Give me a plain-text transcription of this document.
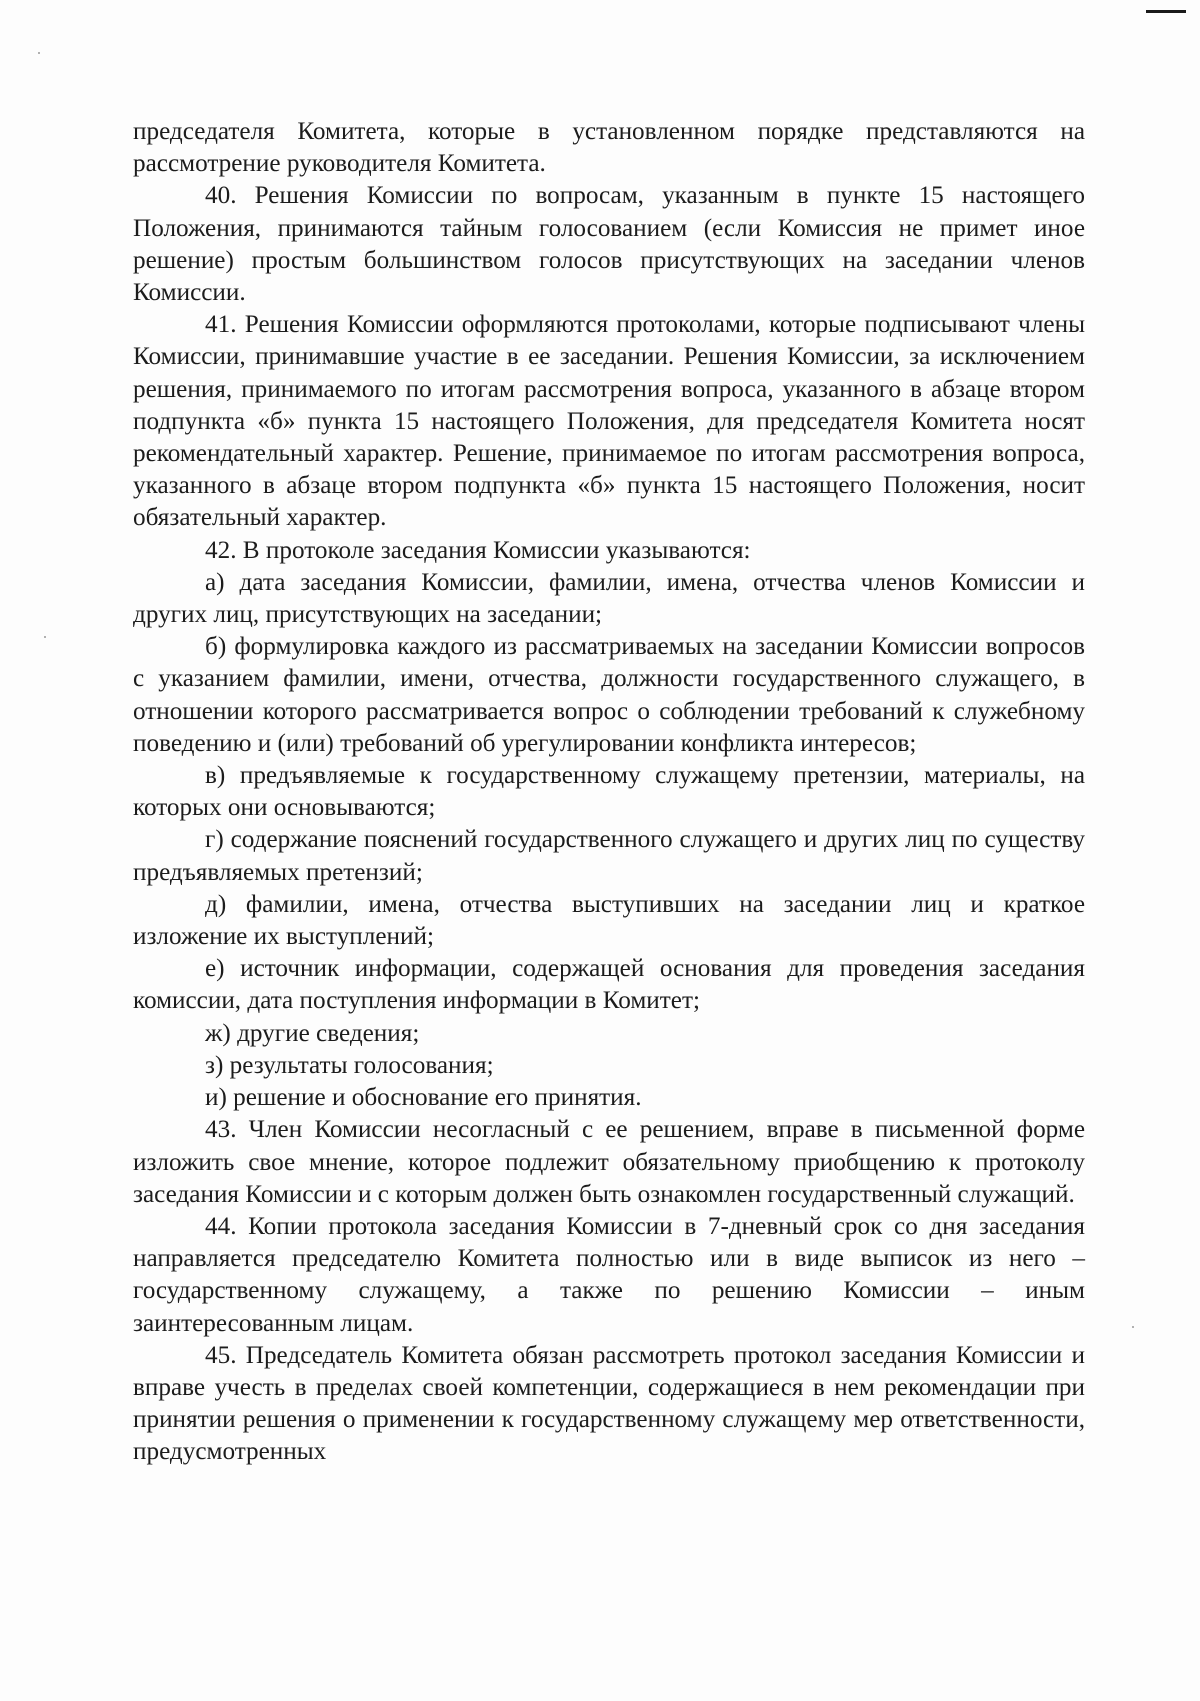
председателя Комитета, которые в установленном порядке представляются на рассмотрение руководителя Комитета.

40. Решения Комиссии по вопросам, указанным в пункте 15 настоящего Положения, принимаются тайным голосованием (если Комиссия не примет иное решение) простым большинством голосов присутствующих на заседании членов Комиссии.

41. Решения Комиссии оформляются протоколами, которые подписывают члены Комиссии, принимавшие участие в ее заседании. Решения Комиссии, за исключением решения, принимаемого по итогам рассмотрения вопроса, указанного в абзаце втором подпункта «б» пункта 15 настоящего Положения, для председателя Комитета носят рекомендательный характер. Решение, принимаемое по итогам рассмотрения вопроса, указанного в абзаце втором подпункта «б» пункта 15 настоящего Положения, носит обязательный характер.

42. В протоколе заседания Комиссии указываются:

а) дата заседания Комиссии, фамилии, имена, отчества членов Комиссии и других лиц, присутствующих на заседании;

б) формулировка каждого из рассматриваемых на заседании Комиссии вопросов с указанием фамилии, имени, отчества, должности государственного служащего, в отношении которого рассматривается вопрос о соблюдении требований к служебному поведению и (или) требований об урегулировании конфликта интересов;

в) предъявляемые к государственному служащему претензии, материалы, на которых они основываются;

г) содержание пояснений государственного служащего и других лиц по существу предъявляемых претензий;

д) фамилии, имена, отчества выступивших на заседании лиц и краткое изложение их выступлений;

е) источник информации, содержащей основания для проведения заседания комиссии, дата поступления информации в Комитет;

ж) другие сведения;

з) результаты голосования;

и) решение и обоснование его принятия.

43. Член Комиссии несогласный с ее решением, вправе в письменной форме изложить свое мнение, которое подлежит обязательному приобщению к протоколу заседания Комиссии и с которым должен быть ознакомлен государственный служащий.

44. Копии протокола заседания Комиссии в 7-дневный срок со дня заседания направляется председателю Комитета полностью или в виде выписок из него – государственному служащему, а также по решению Комиссии – иным заинтересованным лицам.

45. Председатель Комитета обязан рассмотреть протокол заседания Комиссии и вправе учесть в пределах своей компетенции, содержащиеся в нем рекомендации при принятии решения о применении к государственному служащему мер ответственности, предусмотренных
